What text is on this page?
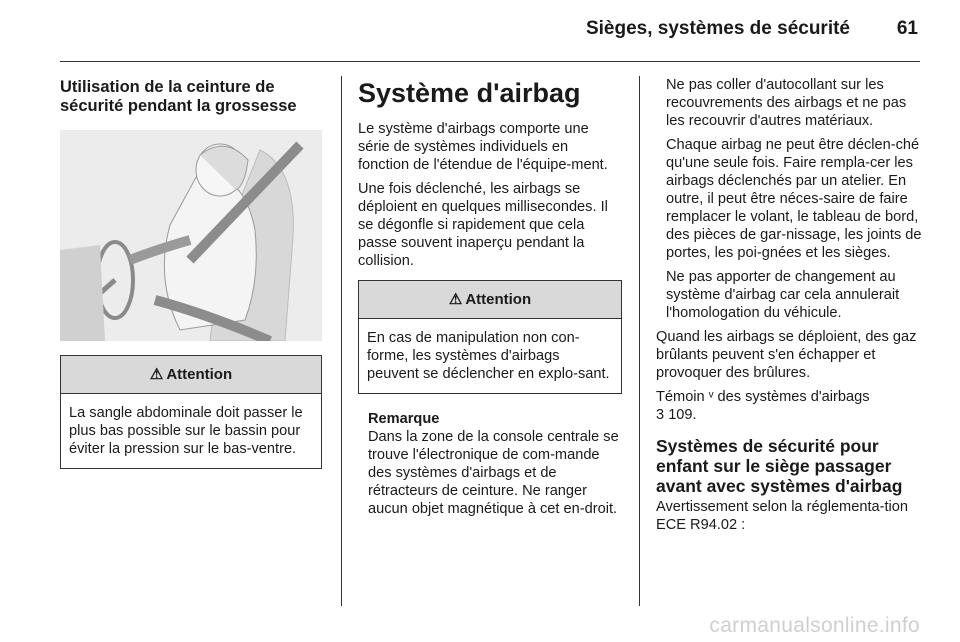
Sièges, systèmes de sécurité 61
Utilisation de la ceinture de sécurité pendant la grossesse
⚠ Attention
La sangle abdominale doit passer le plus bas possible sur le bassin pour éviter la pression sur le bas-ventre.
Système d'airbag

Le système d'airbags comporte une série de systèmes individuels en fonction de l'étendue de l'équipe-ment.

Une fois déclenché, les airbags se déploient en quelques millisecondes. Il se dégonfle si rapidement que cela passe souvent inaperçu pendant la collision.

⚠ Attention
En cas de manipulation non con-forme, les systèmes d'airbags peuvent se déclencher en explo-sant.
Remarque
Dans la zone de la console centrale se trouve l'électronique de com-mande des systèmes d'airbags et de rétracteurs de ceinture. Ne ranger aucun objet magnétique à cet en-droit.

Ne pas coller d'autocollant sur les recouvrements des airbags et ne pas les recouvrir d'autres matériaux.

Chaque airbag ne peut être déclen-ché qu'une seule fois. Faire rempla-cer les airbags déclenchés par un atelier. En outre, il peut être néces-saire de faire remplacer le volant, le tableau de bord, des pièces de gar-nissage, les joints de portes, les poi-gnées et les sièges.

Ne pas apporter de changement au système d'airbag car cela annulerait l'homologation du véhicule.

Quand les airbags se déploient, des gaz brûlants peuvent s'en échapper et provoquer des brûlures.

Témoin ᵛ des systèmes d'airbags
3 109.

Systèmes de sécurité pour enfant sur le siège passager avant avec systèmes d'airbag

Avertissement selon la réglementa-tion ECE R94.02 :

carmanualsonline.info
